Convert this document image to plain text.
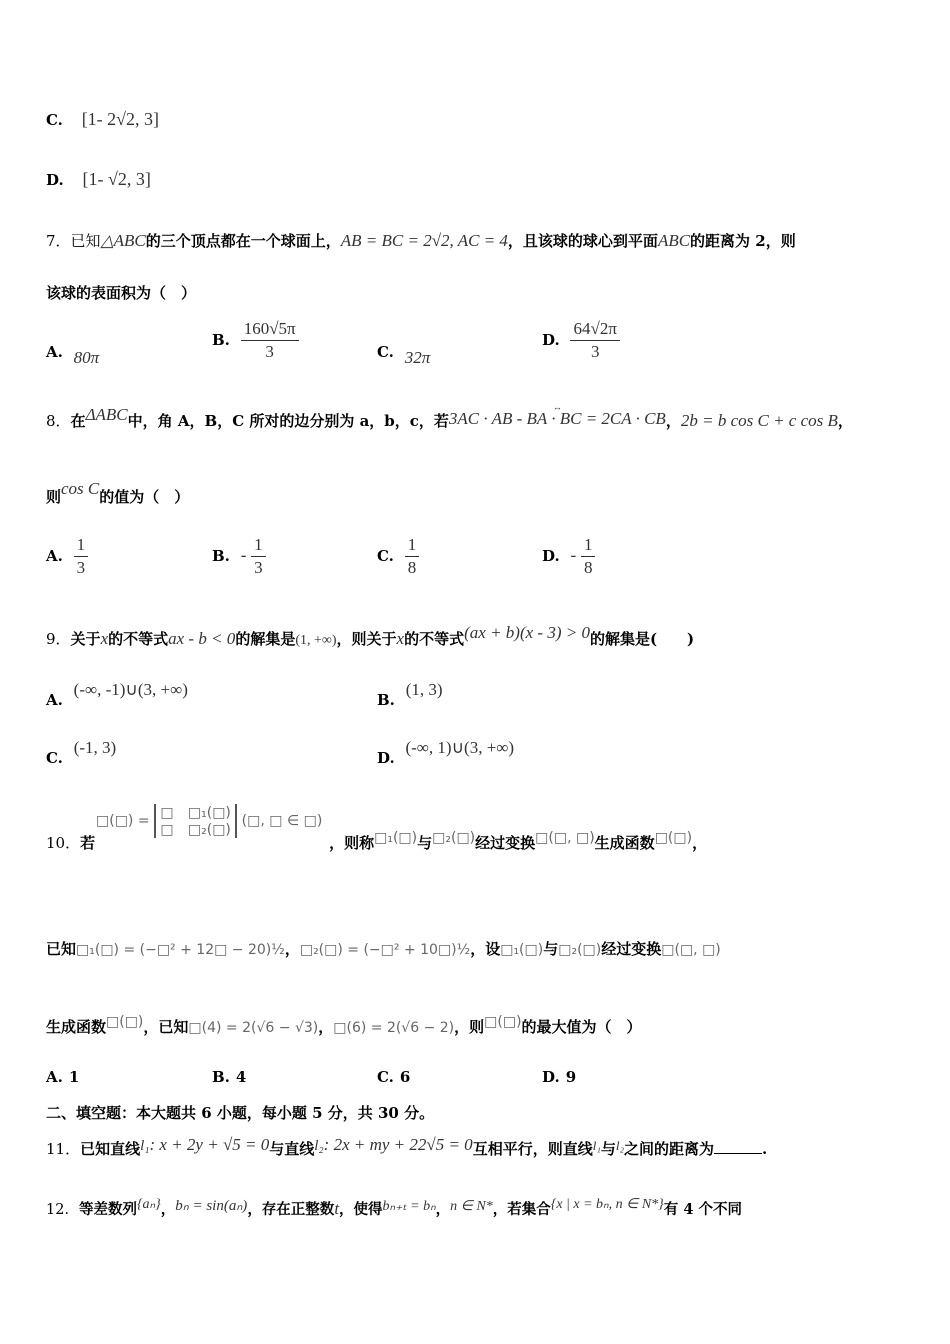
C. [1- 2√2, 3]
D. [1- √2, 3]
7．已知△ABC的三个顶点都在一个球面上，AB = BC = 2√2, AC = 4，且该球的球心到平面ABC的距离为 2，则
该球的表面积为（　）
A. 80π
B. $\frac{160√5\pi}{3}$	C. 32π
D. $\frac{64√2\pi}{3}$
8．在ΔABC中，角 A，B，C 所对的边分别为 a，b，c，若↔ 3AC · AB - BA · BC = 2CA · CB，2b = b cos C + c cos B，
则cos C的值为（　）
A. $\frac{1}{3}$	B. - $\frac{1}{3}$	C. $\frac{1}{8}$	D. - $\frac{1}{8}$
9．关于x的不等式ax - b < 0的解集是(1, +∞)，则关于x的不等式(ax + b)(x - 3) > 0的解集是(　　)
A. (-∞, -1)∪(3, +∞)
B. (1, 3)
C. (-1, 3)
D. (-∞, 1)∪(3, +∞)
□(□) = □ □₁(□)
□ □₂(□)
(□, □ ∈ □)
10．若	，则称□₁(□)与□₂(□)经过变换□(□, □)生成函数□(□)，
已知□₁(□) = (−□² + 12□ − 20)½，□₂(□) = (−□² + 10□)½，设□₁(□)与□₂(□)经过变换□(□, □)
生成函数□(□)，已知□(4) = 2(√6 − √3)，□(6) = 2(√6 − 2)，则□(□)的最大值为（　）
A. 1	B. 4	C. 6	D. 9
二、填空题：本大题共 6 小题，每小题 5 分，共 30 分。
11．已知直线l₁: x + 2y + √5 = 0与直线l₂: 2x + my + 22√5 = 0互相平行，则直线l₁与l₂之间的距离为	.
12．等差数列{aₙ}，bₙ = sin(aₙ)，存在正整数t，使得bₙ₊ₜ = bₙ，n ∈ N*，若集合{x | x = bₙ, n ∈ N*}有 4 个不同
